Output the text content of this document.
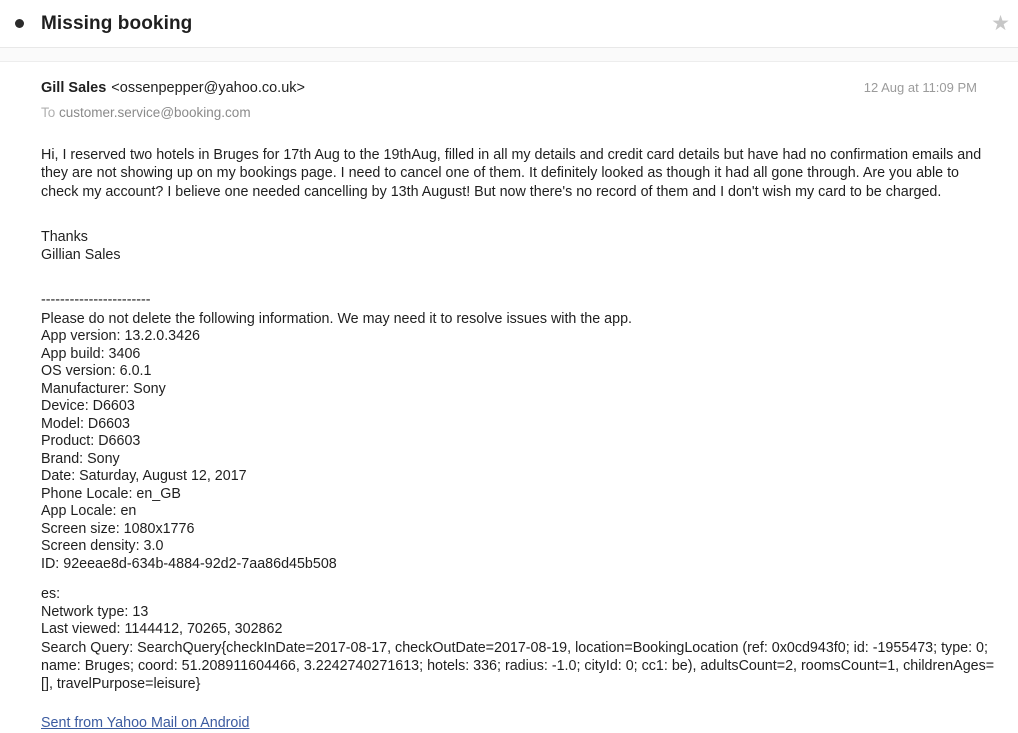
Missing booking	★
Gill Sales <ossenpepper@yahoo.co.uk>	12 Aug at 11:09 PM
To customer.service@booking.com

Hi, I reserved two hotels in Bruges for 17th Aug to the 19thAug, filled in all my details and credit card details but have had no confirmation emails and they are not showing up on my bookings page. I need to cancel one of them. It definitely looked as though it had all gone through. Are you able to check my account? I believe one needed cancelling by 13th August! But now there's no record of them and I don't wish my card to be charged.

Thanks

Gillian Sales

-----------------------

Please do not delete the following information. We may need it to resolve issues with the app.

App version: 13.2.0.3426
App build: 3406
OS version: 6.0.1
Manufacturer: Sony
Device: D6603
Model: D6603
Product: D6603
Brand: Sony
Date: Saturday, August 12, 2017
Phone Locale: en_GB
App Locale: en
Screen size: 1080x1776
Screen density: 3.0
ID: 92eeae8d-634b-4884-92d2-7aa86d45b508
es:
Network type: 13
Last viewed: 1144412, 70265, 302862
Search Query: SearchQuery{checkInDate=2017-08-17, checkOutDate=2017-08-19, location=BookingLocation (ref: 0x0cd943f0; id: -1955473; type: 0; name: Bruges; coord: 51.208911604466, 3.2242740271613; hotels: 336; radius: -1.0; cityId: 0; cc1: be), adultsCount=2, roomsCount=1, childrenAges=[], travelPurpose=leisure}
Sent from Yahoo Mail on Android
